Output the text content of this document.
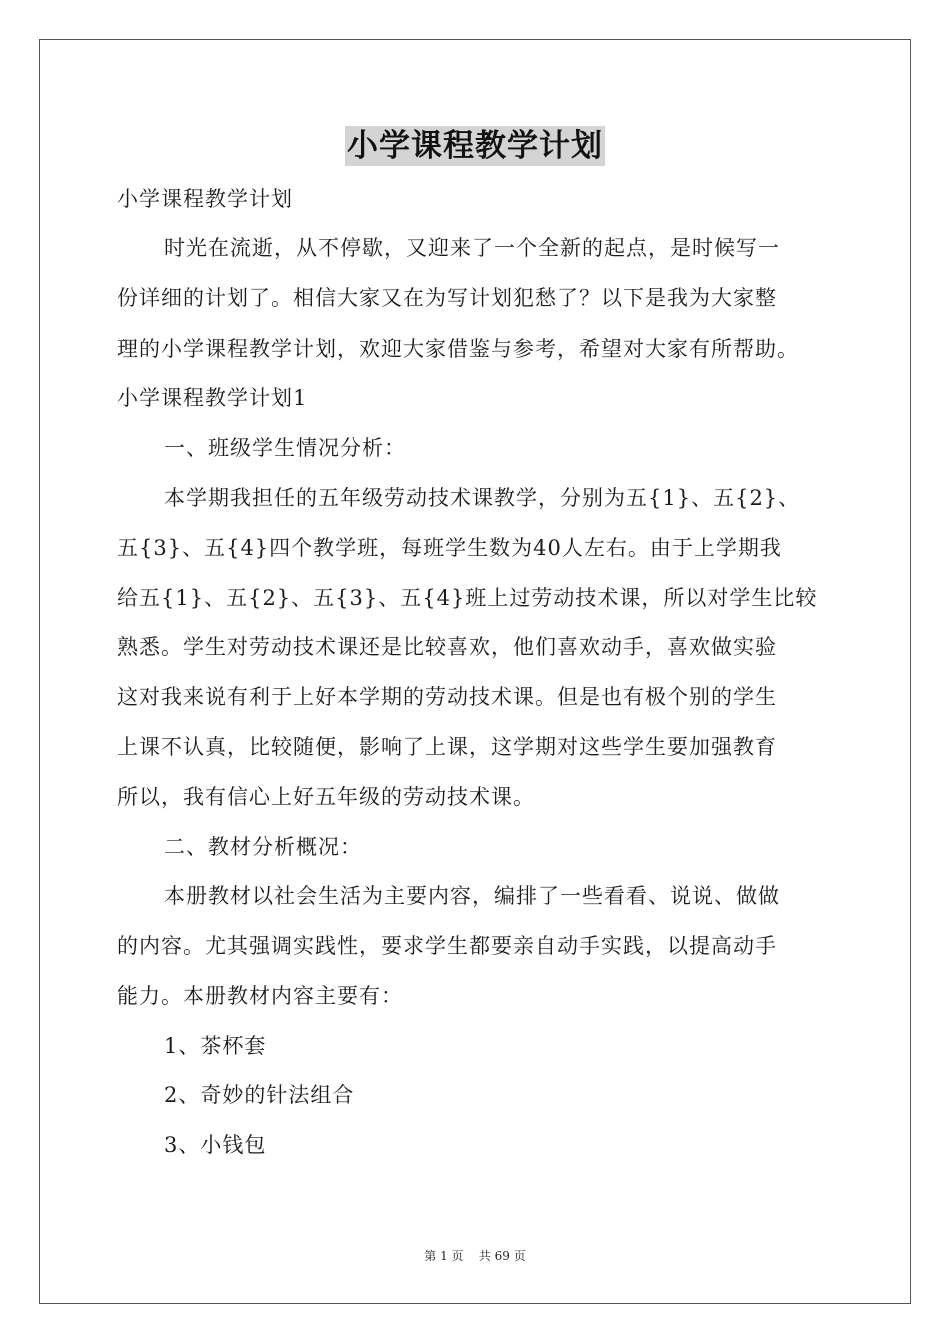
小学课程教学计划
小学课程教学计划
时光在流逝，从不停歇，又迎来了一个全新的起点，是时候写一
份详细的计划了。相信大家又在为写计划犯愁了？以下是我为大家整
理的小学课程教学计划，欢迎大家借鉴与参考，希望对大家有所帮助。
小学课程教学计划1
一、班级学生情况分析：
本学期我担任的五年级劳动技术课教学，分别为五{1}、五{2}、
五{3}、五{4}四个教学班，每班学生数为40人左右。由于上学期我
给五{1}、五{2}、五{3}、五{4}班上过劳动技术课，所以对学生比较
熟悉。学生对劳动技术课还是比较喜欢，他们喜欢动手，喜欢做实验
这对我来说有利于上好本学期的劳动技术课。但是也有极个别的学生
上课不认真，比较随便，影响了上课，这学期对这些学生要加强教育
所以，我有信心上好五年级的劳动技术课。
二、教材分析概况：
本册教材以社会生活为主要内容，编排了一些看看、说说、做做
的内容。尤其强调实践性，要求学生都要亲自动手实践，以提高动手
能力。本册教材内容主要有：
1、茶杯套
2、奇妙的针法组合
3、小钱包
第 1 页    共 69 页
